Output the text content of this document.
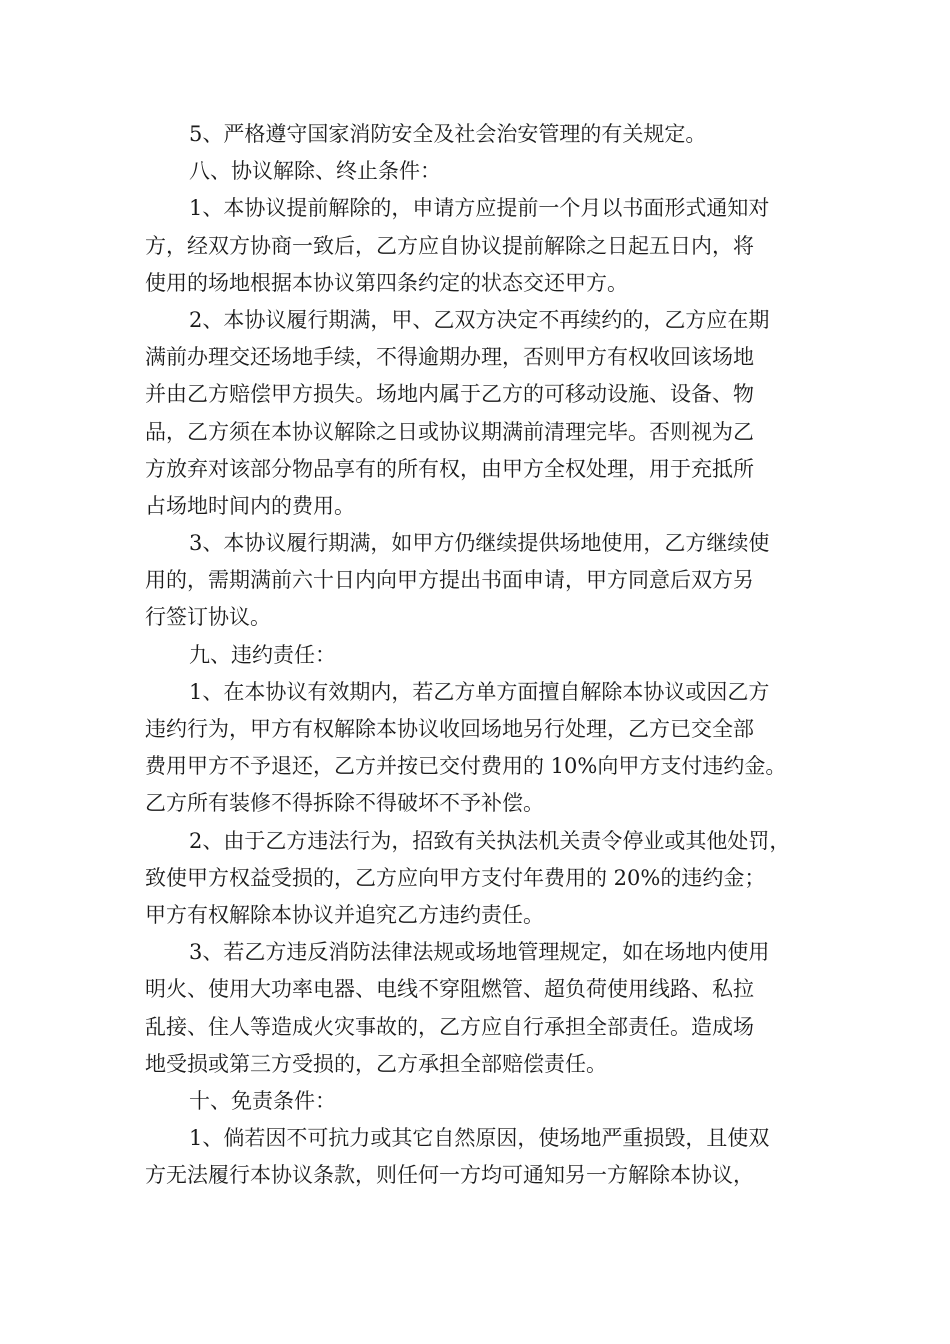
5、严格遵守国家消防安全及社会治安管理的有关规定。
八、协议解除、终止条件：
1、本协议提前解除的，申请方应提前一个月以书面形式通知对
方，经双方协商一致后，乙方应自协议提前解除之日起五日内，将
使用的场地根据本协议第四条约定的状态交还甲方。
2、本协议履行期满，甲、乙双方决定不再续约的，乙方应在期
满前办理交还场地手续，不得逾期办理，否则甲方有权收回该场地
并由乙方赔偿甲方损失。场地内属于乙方的可移动设施、设备、物
品，乙方须在本协议解除之日或协议期满前清理完毕。否则视为乙
方放弃对该部分物品享有的所有权，由甲方全权处理，用于充抵所
占场地时间内的费用。
3、本协议履行期满，如甲方仍继续提供场地使用，乙方继续使
用的，需期满前六十日内向甲方提出书面申请，甲方同意后双方另
行签订协议。
九、违约责任：
1、在本协议有效期内，若乙方单方面擅自解除本协议或因乙方
违约行为，甲方有权解除本协议收回场地另行处理，乙方已交全部
费用甲方不予退还，乙方并按已交付费用的 10%向甲方支付违约金。
乙方所有装修不得拆除不得破坏不予补偿。
2、由于乙方违法行为，招致有关执法机关责令停业或其他处罚，
致使甲方权益受损的，乙方应向甲方支付年费用的 20%的违约金；
甲方有权解除本协议并追究乙方违约责任。
3、若乙方违反消防法律法规或场地管理规定，如在场地内使用
明火、使用大功率电器、电线不穿阻燃管、超负荷使用线路、私拉
乱接、住人等造成火灾事故的，乙方应自行承担全部责任。造成场
地受损或第三方受损的，乙方承担全部赔偿责任。
十、免责条件：
1、倘若因不可抗力或其它自然原因，使场地严重损毁，且使双
方无法履行本协议条款，则任何一方均可通知另一方解除本协议，
